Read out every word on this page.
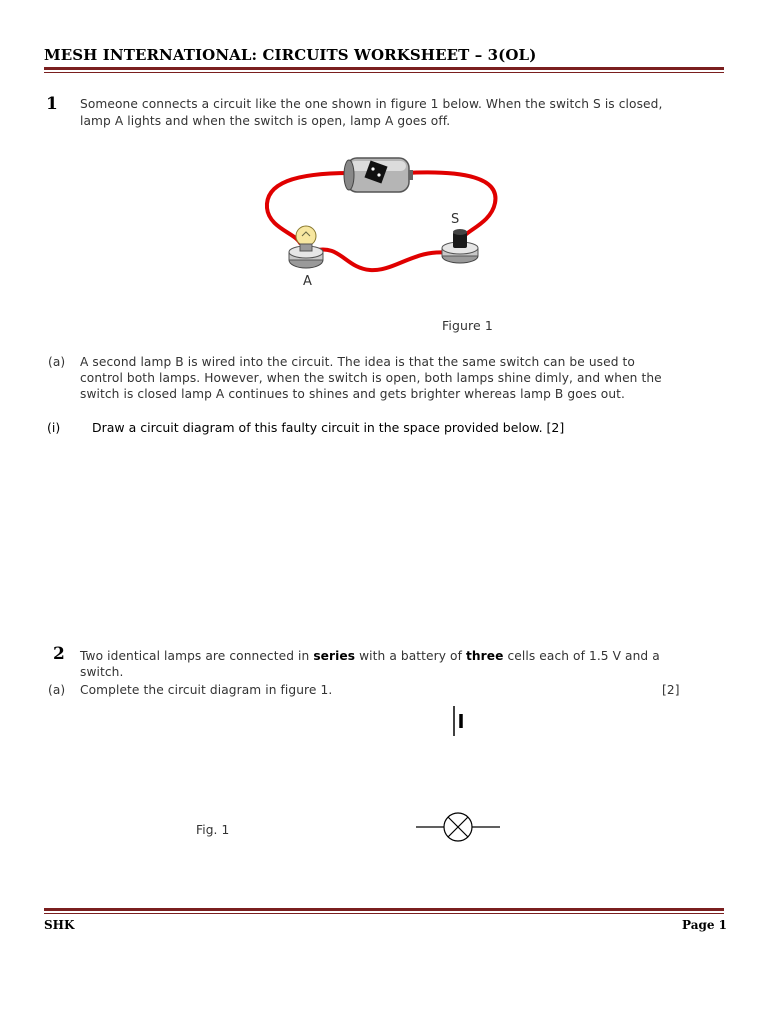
MESH INTERNATIONAL: CIRCUITS WORKSHEET – 3(OL)
1 Someone connects a circuit like the one shown in figure 1 below. When the switch S is closed,
lamp A lights and when the switch is open, lamp A goes off.
S
A
Figure 1
(a) A second lamp B is wired into the circuit. The idea is that the same switch can be used to
control both lamps. However, when the switch is open, both lamps shine dimly, and when the
switch is closed lamp A continues to shines and gets brighter whereas lamp B goes out.
(i)	Draw a circuit diagram of this faulty circuit in the space provided below. [2]
2 Two identical lamps are connected in series with a battery of three cells each of 1.5 V and a
switch.
(a) Complete the circuit diagram in figure 1.	[2]
Fig. 1
SHK	Page 1
